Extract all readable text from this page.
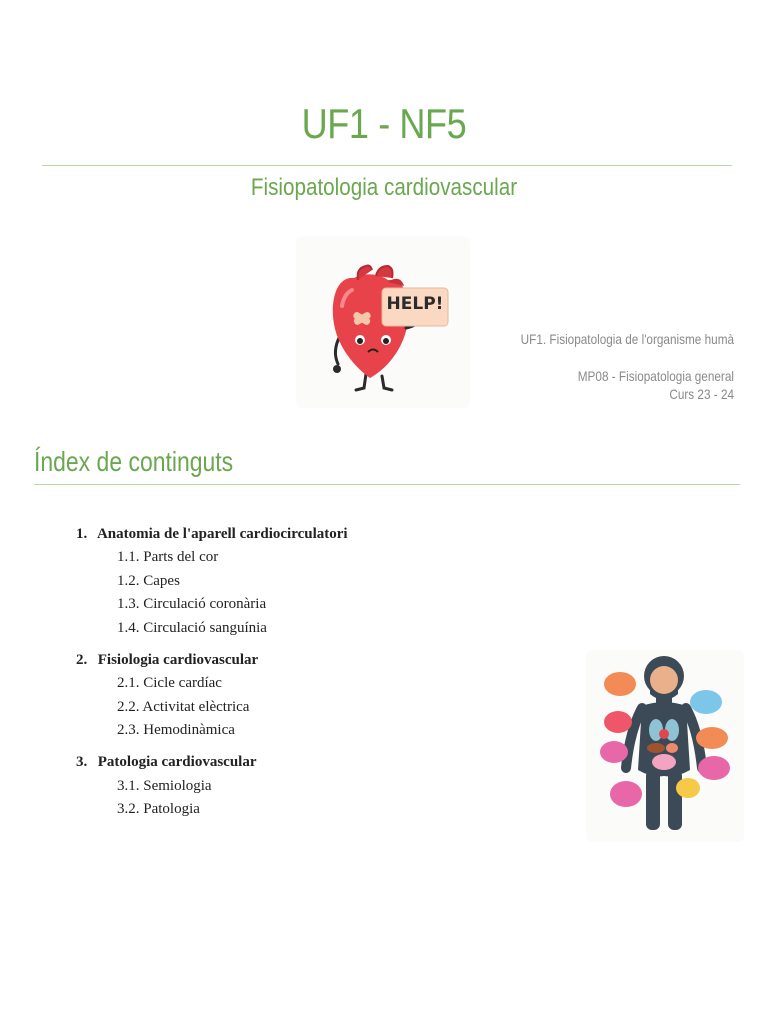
UF1 - NF5
Fisiopatologia cardiovascular
HELP!
UF1. Fisiopatologia de l'organisme humà
MP08 - Fisiopatologia general
Curs 23 - 24
Índex de continguts
1. Anatomia de l'aparell cardiocirculatori
1.1. Parts del cor
1.2. Capes
1.3. Circulació coronària
1.4. Circulació sanguínia
2. Fisiologia cardiovascular
2.1. Cicle cardíac
2.2. Activitat elèctrica
2.3. Hemodinàmica
3. Patologia cardiovascular
3.1. Semiologia
3.2. Patologia
